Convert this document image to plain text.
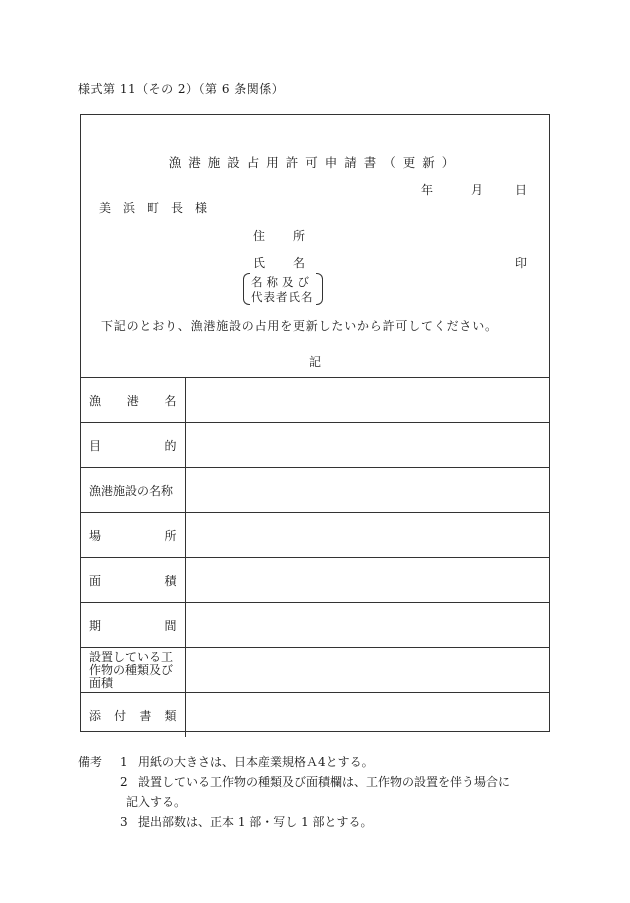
様式第 11（その 2）（第 6 条関係）
漁港施設占用許可申請書（更新）
年	月	日
美浜町長様
住所
氏名	印
名称及び
代表者氏名
下記のとおり、漁港施設の占用を更新したいから許可してください。
記
漁 港 名	

目 的	

漁港施設の名称	

場 所	

面 積	

期 間	

設置している工
作物の種類及び
面積	

添 付 書 類	

備考	1 用紙の大きさは、日本産業規格Ａ4とする。
2 設置している工作物の種類及び面積欄は、工作物の設置を伴う場合に
記入する。
3 提出部数は、正本 1 部・写し 1 部とする。
